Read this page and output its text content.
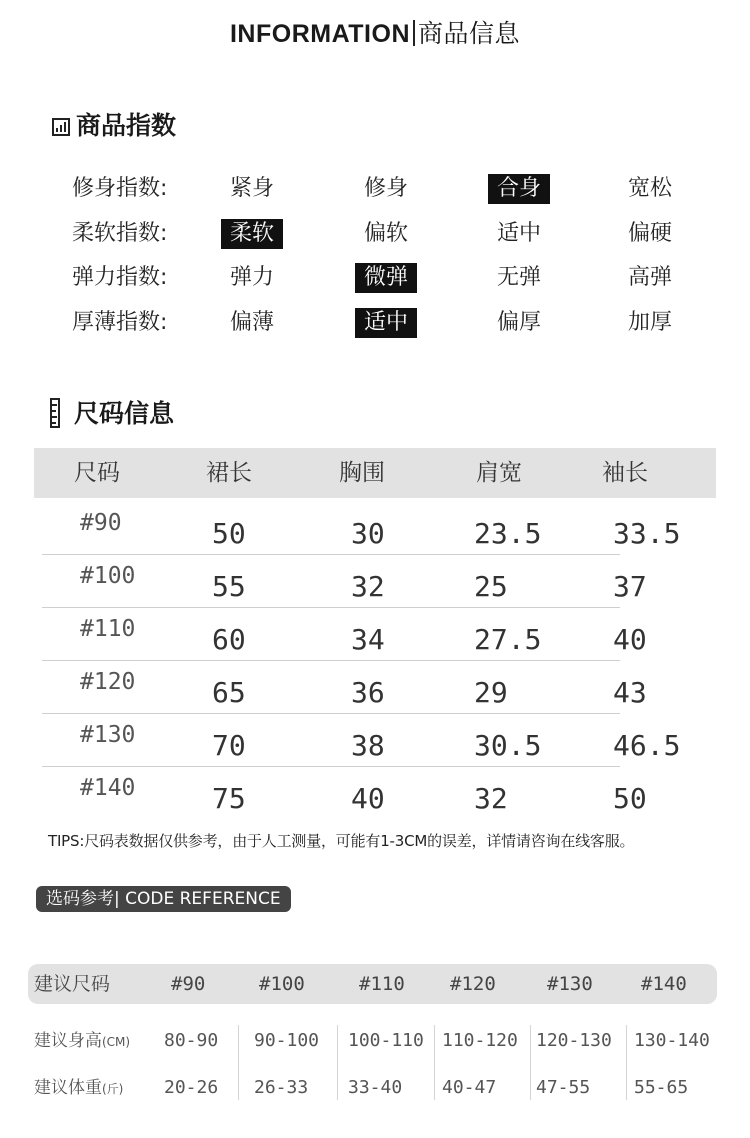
INFORMATION 商品信息
商品指数
修身指数:	紧身	修身	合身	宽松
柔软指数:	柔软	偏软	适中	偏硬
弹力指数:	弹力	微弹	无弹	高弹
厚薄指数:	偏薄	适中	偏厚	加厚
尺码信息
尺码	裙长	胸围	肩宽	袖长
#90	50	30	23.5	33.5
#100	55	32	25	37
#110	60	34	27.5	40
#120	65	36	29	43
#130	70	38	30.5	46.5
#140	75	40	32	50
TIPS:尺码表数据仅供参考，由于人工测量，可能有1-3CM的误差，详情请咨询在线客服。
选码参考| CODE REFERENCE
建议尺码	#90	#100	#110 #120	#130	#140
建议身高(CM) 80-90 90-100 100-110 110-120 120-130 130-140
建议体重(斤) 20-26 26-33 33-40 40-47 47-55 55-65
